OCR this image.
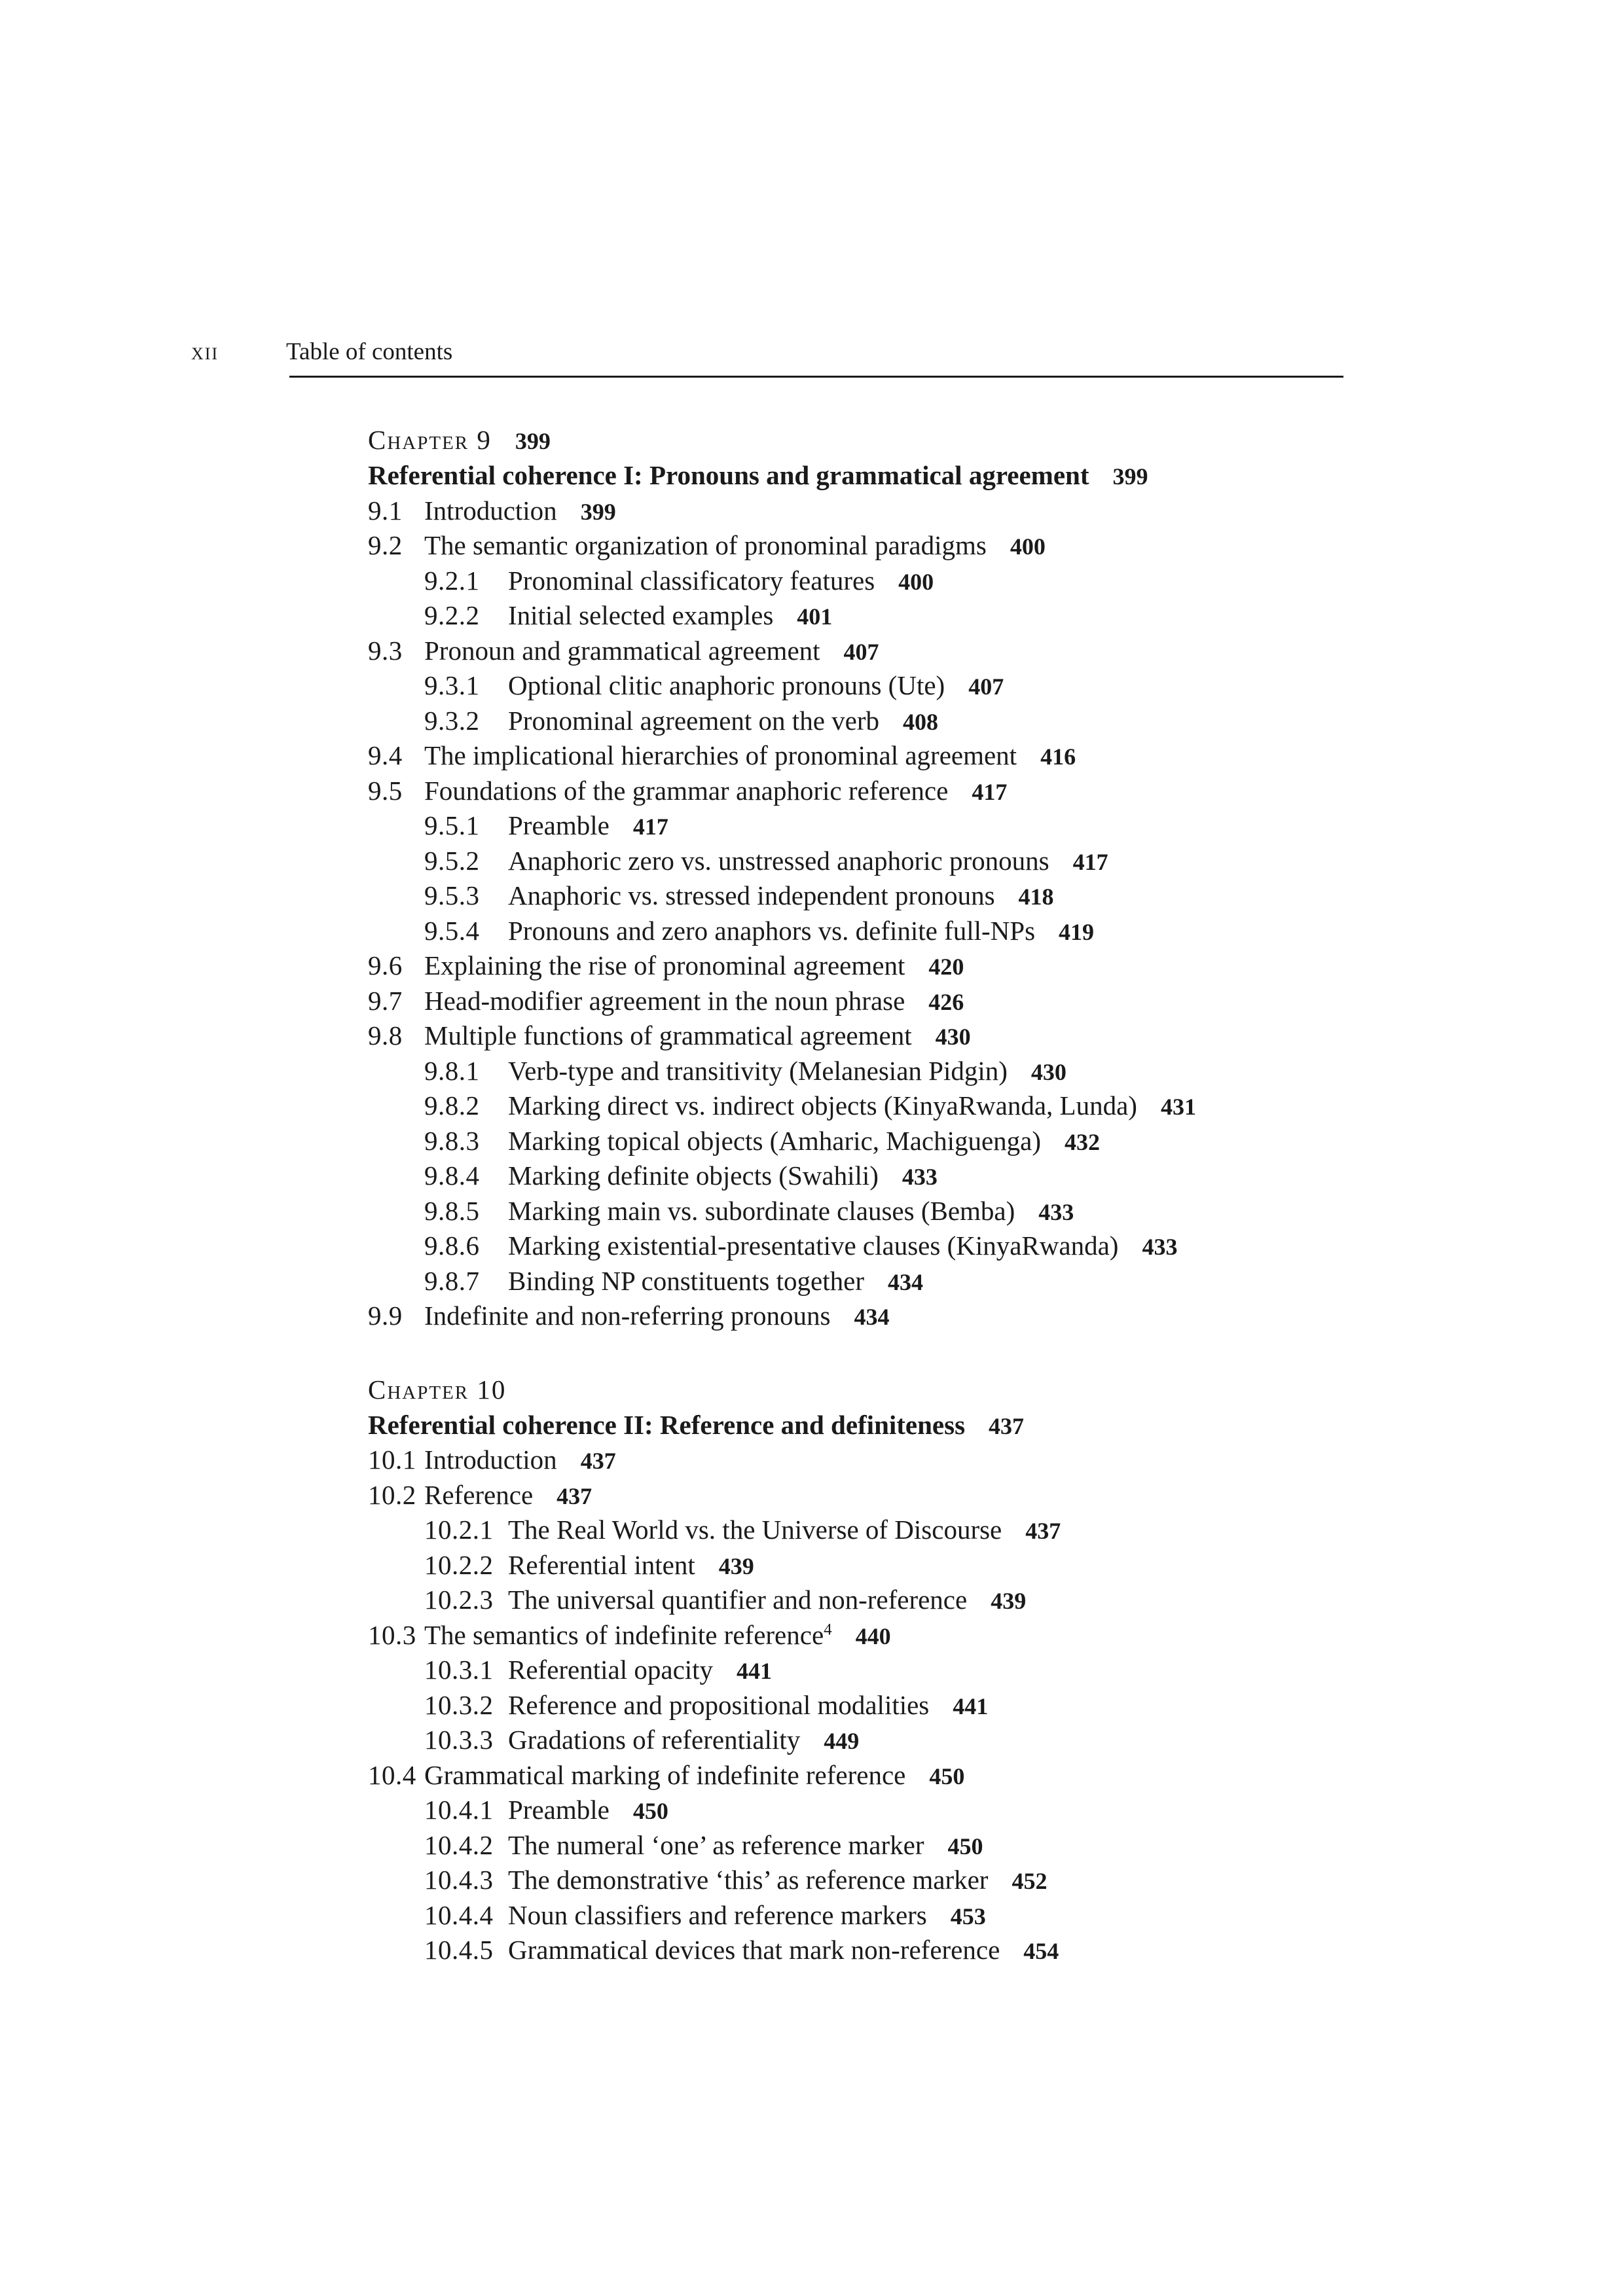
xii	Table of contents
Chapter 9 399
Referential coherence I: Pronouns and grammatical agreement 399
9.1 Introduction 399
9.2 The semantic organization of pronominal paradigms 400
9.2.1 Pronominal classificatory features 400
9.2.2 Initial selected examples 401
9.3 Pronoun and grammatical agreement 407
9.3.1 Optional clitic anaphoric pronouns (Ute) 407
9.3.2 Pronominal agreement on the verb 408
9.4 The implicational hierarchies of pronominal agreement 416
9.5 Foundations of the grammar anaphoric reference 417
9.5.1 Preamble 417
9.5.2 Anaphoric zero vs. unstressed anaphoric pronouns 417
9.5.3 Anaphoric vs. stressed independent pronouns 418
9.5.4 Pronouns and zero anaphors vs. definite full-NPs 419
9.6 Explaining the rise of pronominal agreement 420
9.7 Head-modifier agreement in the noun phrase 426
9.8 Multiple functions of grammatical agreement 430
9.8.1 Verb-type and transitivity (Melanesian Pidgin) 430
9.8.2 Marking direct vs. indirect objects (KinyaRwanda, Lunda) 431
9.8.3 Marking topical objects (Amharic, Machiguenga) 432
9.8.4 Marking definite objects (Swahili) 433
9.8.5 Marking main vs. subordinate clauses (Bemba) 433
9.8.6 Marking existential-presentative clauses (KinyaRwanda) 433
9.8.7 Binding NP constituents together 434
9.9 Indefinite and non-referring pronouns 434
Chapter 10
Referential coherence II: Reference and definiteness 437
10.1 Introduction 437
10.2 Reference 437
10.2.1 The Real World vs. the Universe of Discourse 437
10.2.2 Referential intent 439
10.2.3 The universal quantifier and non-reference 439
10.3 The semantics of indefinite reference$^4$ 440
10.3.1 Referential opacity 441
10.3.2 Reference and propositional modalities 441
10.3.3 Gradations of referentiality 449
10.4 Grammatical marking of indefinite reference 450
10.4.1 Preamble 450
10.4.2 The numeral ‘one’ as reference marker 450
10.4.3 The demonstrative ‘this’ as reference marker 452
10.4.4 Noun classifiers and reference markers 453
10.4.5 Grammatical devices that mark non-reference 454
